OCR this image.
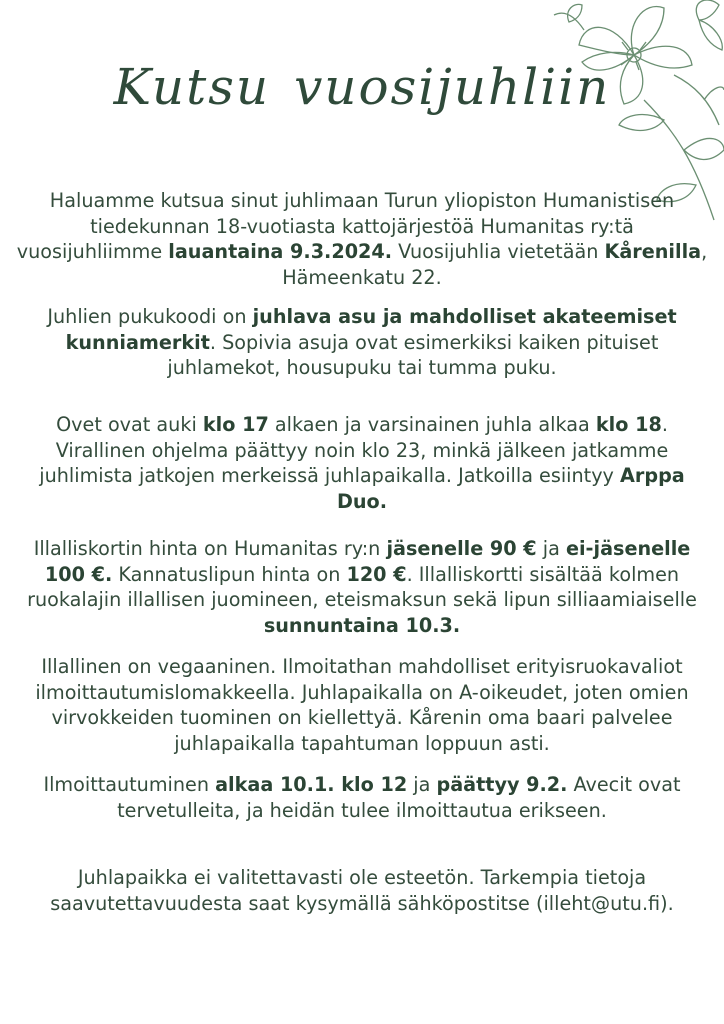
Kutsu vuosijuhliin
Haluamme kutsua sinut juhlimaan Turun yliopiston Humanistisen
tiedekunnan 18-vuotiasta kattojärjestöä Humanitas ry:tä
vuosijuhliimme lauantaina 9.3.2024. Vuosijuhlia vietetään Kårenilla,
Hämeenkatu 22.
Juhlien pukukoodi on juhlava asu ja mahdolliset akateemiset
kunniamerkit. Sopivia asuja ovat esimerkiksi kaiken pituiset
juhlamekot, housupuku tai tumma puku.
Ovet ovat auki klo 17 alkaen ja varsinainen juhla alkaa klo 18.
Virallinen ohjelma päättyy noin klo 23, minkä jälkeen jatkamme
juhlimista jatkojen merkeissä juhlapaikalla. Jatkoilla esiintyy Arppa
Duo.
Illalliskortin hinta on Humanitas ry:n jäsenelle 90 € ja ei-jäsenelle
100 €. Kannatuslipun hinta on 120 €. Illalliskortti sisältää kolmen
ruokalajin illallisen juomineen, eteismaksun sekä lipun silliaamiaiselle
sunnuntaina 10.3.
Illallinen on vegaaninen. Ilmoitathan mahdolliset erityisruokavaliot
ilmoittautumislomakkeella. Juhlapaikalla on A-oikeudet, joten omien
virvokkeiden tuominen on kiellettyä. Kårenin oma baari palvelee
juhlapaikalla tapahtuman loppuun asti.
Ilmoittautuminen alkaa 10.1. klo 12 ja päättyy 9.2. Avecit ovat
tervetulleita, ja heidän tulee ilmoittautua erikseen.
Juhlapaikka ei valitettavasti ole esteetön. Tarkempia tietoja
saavutettavuudesta saat kysymällä sähköpostitse (illeht@utu.fi).
